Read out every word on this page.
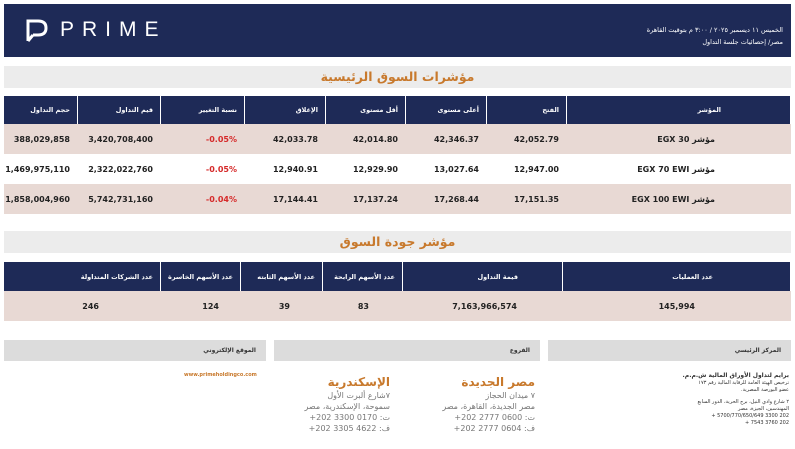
PRIME	الخميس ١١ ديسمبر ٢٠٢٥ / ٣:٠٠ م بتوقيت القاهرة
مصر/ إحصائيات جلسة التداول
مؤشرات السوق الرئيسية
حجم التداول	قيم التداول	نسبة التغيير	الإغلاق	أقل مستوى	أعلى مستوى	الفتح	المؤشر
388,029,858	3,420,708,400	-0.05%	42,033.78	42,014.80	42,346.37	42,052.79	مؤشر EGX 30
1,469,975,110	2,322,022,760	-0.05%	12,940.91	12,929.90	13,027.64	12,947.00	مؤشر EGX 70 EWI
1,858,004,960	5,742,731,160	-0.04%	17,144.41	17,137.24	17,268.44	17,151.35	مؤشر EGX 100 EWI
مؤشر جودة السوق
عدد الشركات المتداولة	عدد الأسهم الخاسرة	عدد الأسهم الثابته	عدد الأسهم الرابحة	قيمة التداول	عدد العمليات
246	124	39	83	7,163,966,574	145,994
الموقع الإلكتروني	الفروع	المركز الرئيسي
www.primeholdingco.com	الإسكندرية
٧شارع ألبرت الأول
سموحة، الإسكندرية، مصر
ت: 0170 3300 202+
ف: 4622 3305 202+
مصر الجديدة
٧ ميدان الحجاز
مصر الجديدة، القاهرة، مصر
ت: 0600 2777 202+
ف: 0604 2777 202+
برايم لتداول الأوراق المالية ش.م.م.
ترخيص الهيئة العامة للرقابة المالية رقم ١٧٣
عضو البورصة المصرية.
٢ شارع وادي النيل، برج الحرية، الدور السابع
المهندسين، الجيزة، مصر
202 3300 5700/770/650/649 +
202 3760 7543 +
